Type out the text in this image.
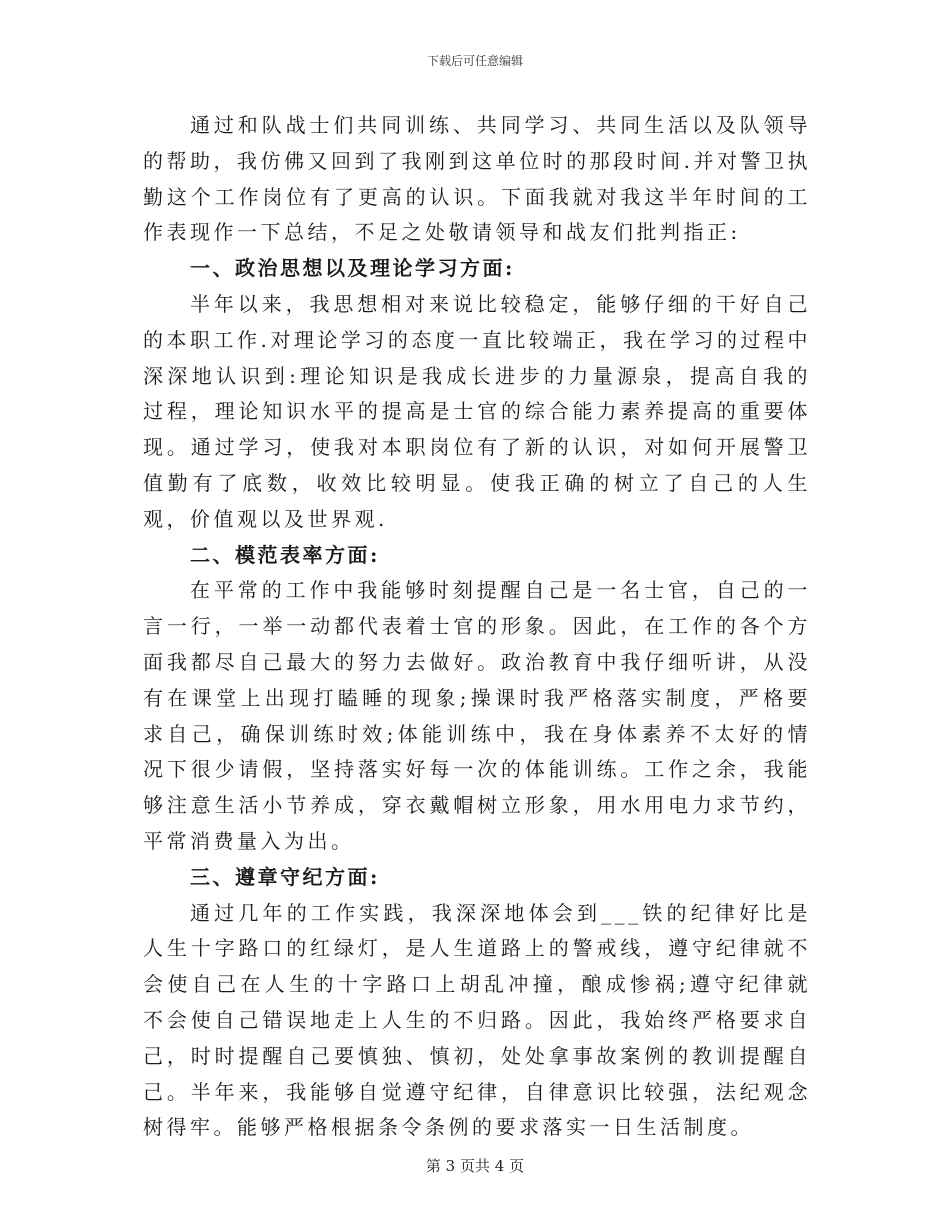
下载后可任意编辑

通过和队战士们共同训练、共同学习、共同生活以及队领导的帮助，我仿佛又回到了我刚到这单位时的那段时间.并对警卫执勤这个工作岗位有了更高的认识。下面我就对我这半年时间的工作表现作一下总结，不足之处敬请领导和战友们批判指正:

一、政治思想以及理论学习方面:

半年以来，我思想相对来说比较稳定，能够仔细的干好自己的本职工作.对理论学习的态度一直比较端正，我在学习的过程中深深地认识到:理论知识是我成长进步的力量源泉，提高自我的过程，理论知识水平的提高是士官的综合能力素养提高的重要体现。通过学习，使我对本职岗位有了新的认识，对如何开展警卫值勤有了底数，收效比较明显。使我正确的树立了自己的人生观，价值观以及世界观.

二、模范表率方面:

在平常的工作中我能够时刻提醒自己是一名士官，自己的一言一行，一举一动都代表着士官的形象。因此，在工作的各个方面我都尽自己最大的努力去做好。政治教育中我仔细听讲，从没有在课堂上出现打瞌睡的现象;操课时我严格落实制度，严格要求自己，确保训练时效;体能训练中，我在身体素养不太好的情况下很少请假，坚持落实好每一次的体能训练。工作之余，我能够注意生活小节养成，穿衣戴帽树立形象，用水用电力求节约，平常消费量入为出。

三、遵章守纪方面:

通过几年的工作实践，我深深地体会到___铁的纪律好比是人生十字路口的红绿灯，是人生道路上的警戒线，遵守纪律就不会使自己在人生的十字路口上胡乱冲撞，酿成惨祸;遵守纪律就不会使自己错误地走上人生的不归路。因此，我始终严格要求自己，时时提醒自己要慎独、慎初，处处拿事故案例的教训提醒自己。半年来，我能够自觉遵守纪律，自律意识比较强，法纪观念树得牢。能够严格根据条令条例的要求落实一日生活制度。

第 3 页共 4 页
